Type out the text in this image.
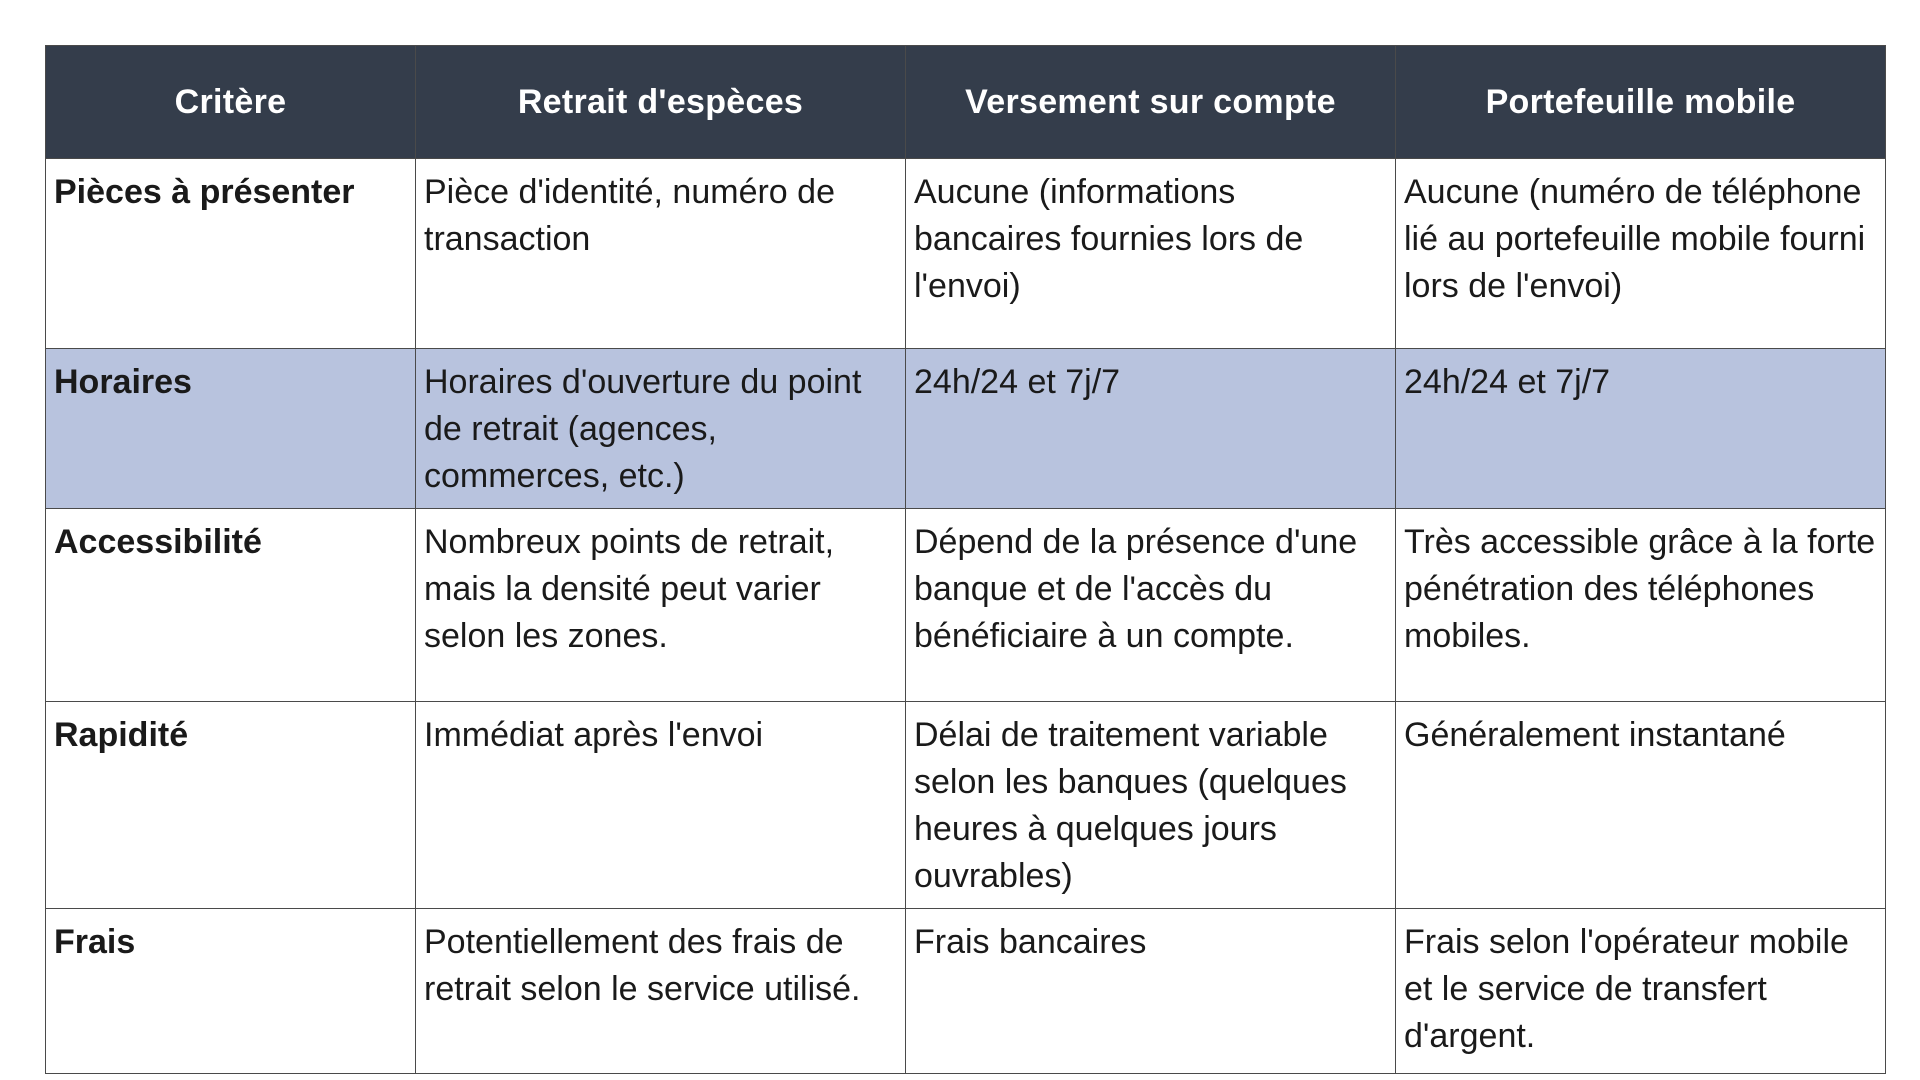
Critère	Retrait d'espèces	Versement sur compte	Portefeuille mobile
Pièces à présenter	Pièce d'identité, numéro de transaction	Aucune (informations bancaires fournies lors de l'envoi)	Aucune (numéro de téléphone lié au portefeuille mobile fourni lors de l'envoi)
Horaires	Horaires d'ouverture du point de retrait (agences, commerces, etc.)	24h/24 et 7j/7	24h/24 et 7j/7
Accessibilité	Nombreux points de retrait, mais la densité peut varier selon les zones.	Dépend de la présence d'une banque et de l'accès du bénéficiaire à un compte.	Très accessible grâce à la forte pénétration des téléphones mobiles.
Rapidité	Immédiat après l'envoi	Délai de traitement variable selon les banques (quelques heures à quelques jours ouvrables)	Généralement instantané
Frais	Potentiellement des frais de retrait selon le service utilisé.	Frais bancaires	Frais selon l'opérateur mobile et le service de transfert d'argent.
